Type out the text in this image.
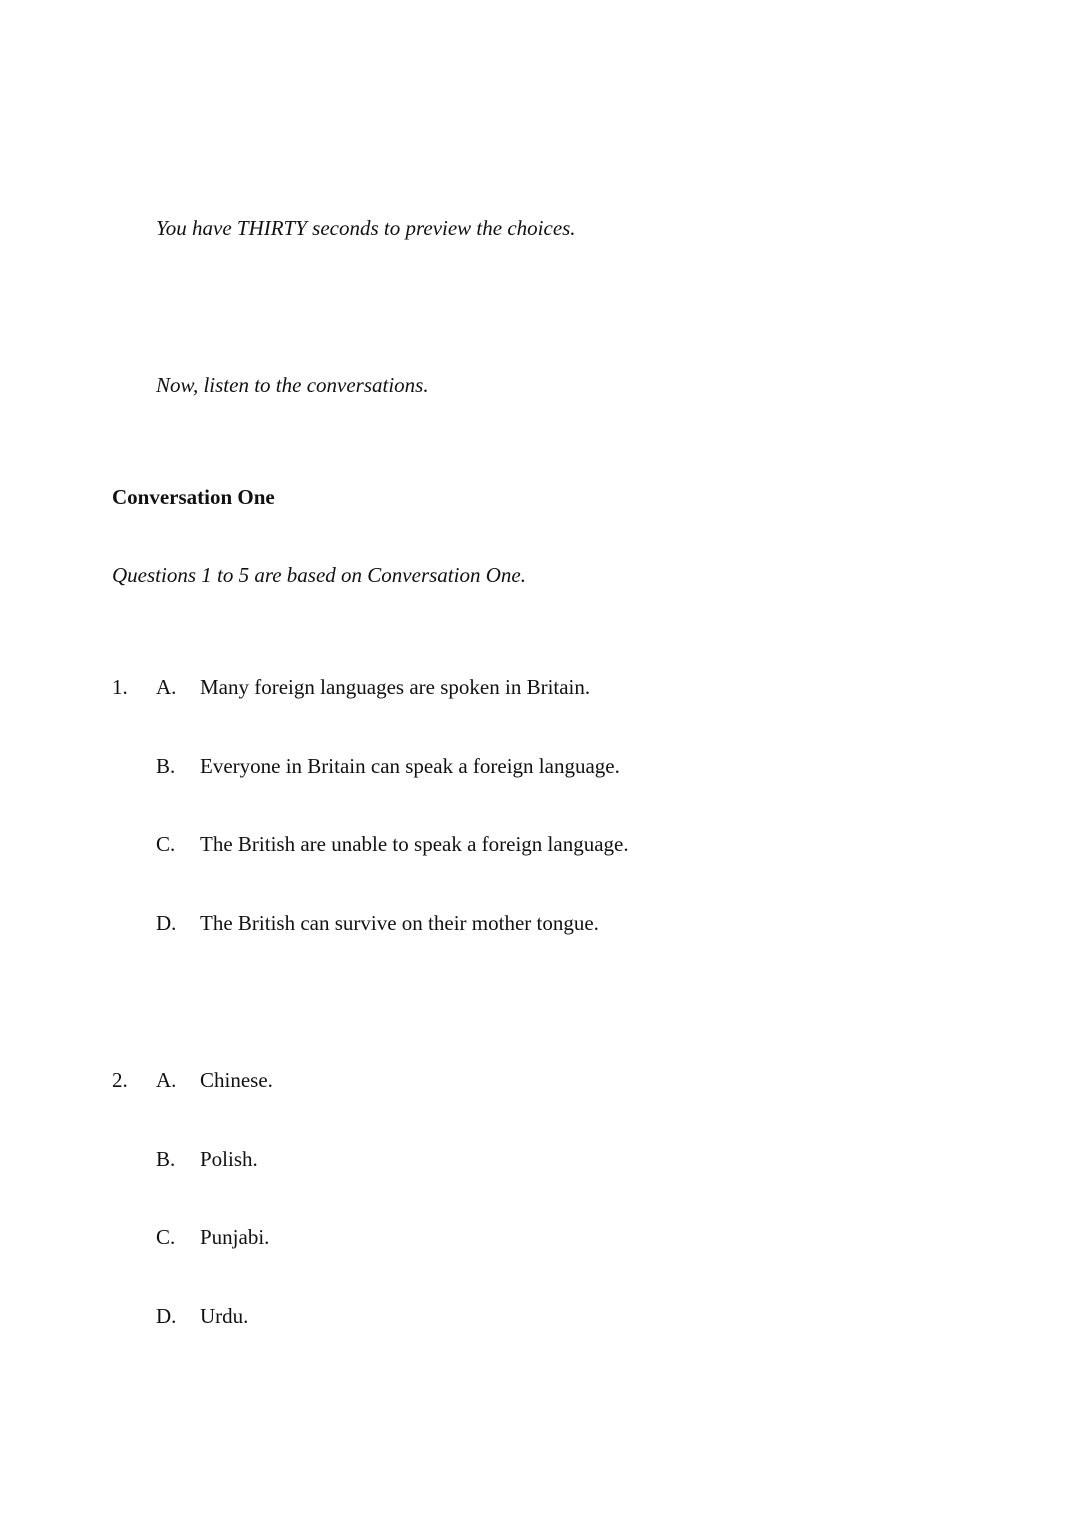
You have THIRTY seconds to preview the choices.
Now, listen to the conversations.
Conversation One
Questions 1 to 5 are based on Conversation One.
1. A. Many foreign languages are spoken in Britain.
B. Everyone in Britain can speak a foreign language.
C. The British are unable to speak a foreign language.
D. The British can survive on their mother tongue.
2. A. Chinese.
B. Polish.
C. Punjabi.
D. Urdu.
